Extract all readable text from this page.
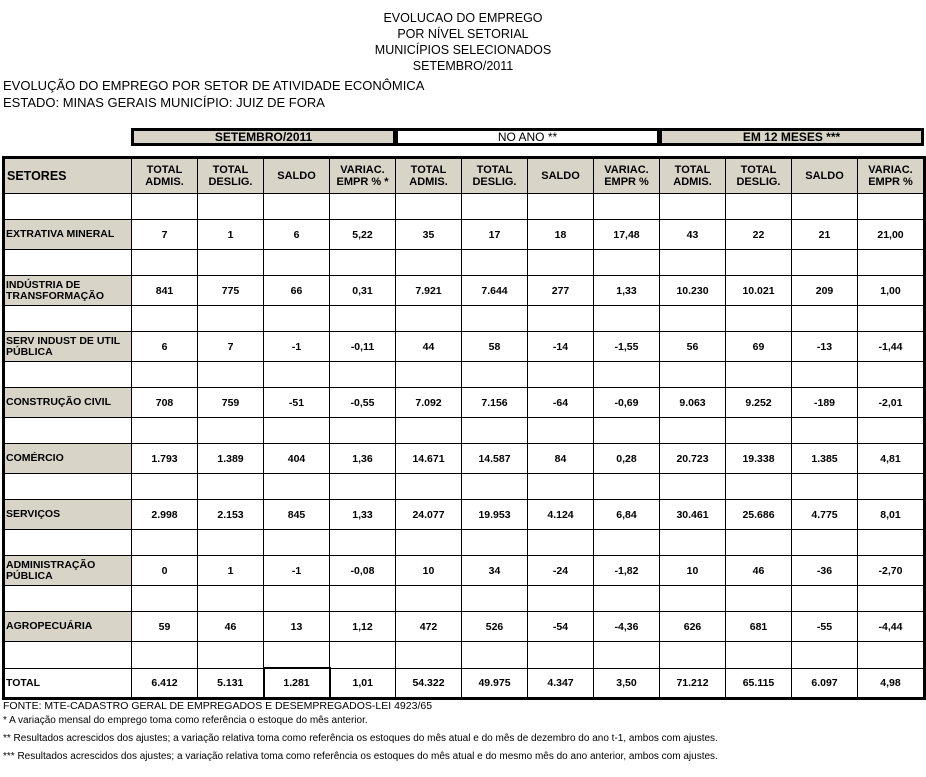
EVOLUCAO DO EMPREGO
POR NÍVEL SETORIAL
MUNICÍPIOS SELECIONADOS
SETEMBRO/2011
EVOLUÇÃO DO EMPREGO POR SETOR DE ATIVIDADE ECONÔMICA
ESTADO: MINAS GERAIS MUNICÍPIO: JUIZ DE FORA
SETEMBRO/2011	NO ANO **	EM 12 MESES ***
SETORES	TOTAL ADMIS.	TOTAL DESLIG.	SALDO	VARIAC. EMPR % *	TOTAL ADMIS.	TOTAL DESLIG.	SALDO	VARIAC. EMPR %	TOTAL ADMIS.	TOTAL DESLIG.	SALDO	VARIAC. EMPR %

EXTRATIVA MINERAL	7	1	6	5,22	35	17	18	17,48	43	22	21	21,00

INDÚSTRIA DE TRANSFORMAÇÃO	841	775	66	0,31	7.921	7.644	277	1,33	10.230	10.021	209	1,00

SERV INDUST DE UTIL PÚBLICA	6	7	-1	-0,11	44	58	-14	-1,55	56	69	-13	-1,44

CONSTRUÇÃO CIVIL	708	759	-51	-0,55	7.092	7.156	-64	-0,69	9.063	9.252	-189	-2,01

COMÉRCIO	1.793	1.389	404	1,36	14.671	14.587	84	0,28	20.723	19.338	1.385	4,81

SERVIÇOS	2.998	2.153	845	1,33	24.077	19.953	4.124	6,84	30.461	25.686	4.775	8,01

ADMINISTRAÇÃO PÚBLICA	0	1	-1	-0,08	10	34	-24	-1,82	10	46	-36	-2,70

AGROPECUÁRIA	59	46	13	1,12	472	526	-54	-4,36	626	681	-55	-4,44

TOTAL	6.412	5.131	1.281	1,01	54.322	49.975	4.347	3,50	71.212	65.115	6.097	4,98
FONTE: MTE-CADASTRO GERAL DE EMPREGADOS E DESEMPREGADOS-LEI 4923/65
* A variação mensal do emprego toma como referência o estoque do mês anterior.
** Resultados acrescidos dos ajustes; a variação relativa toma como referência os estoques do mês atual e do mês de dezembro do ano t-1, ambos com ajustes.
*** Resultados acrescidos dos ajustes; a variação relativa toma como referência os estoques do mês atual e do mesmo mês do ano anterior, ambos com ajustes.
